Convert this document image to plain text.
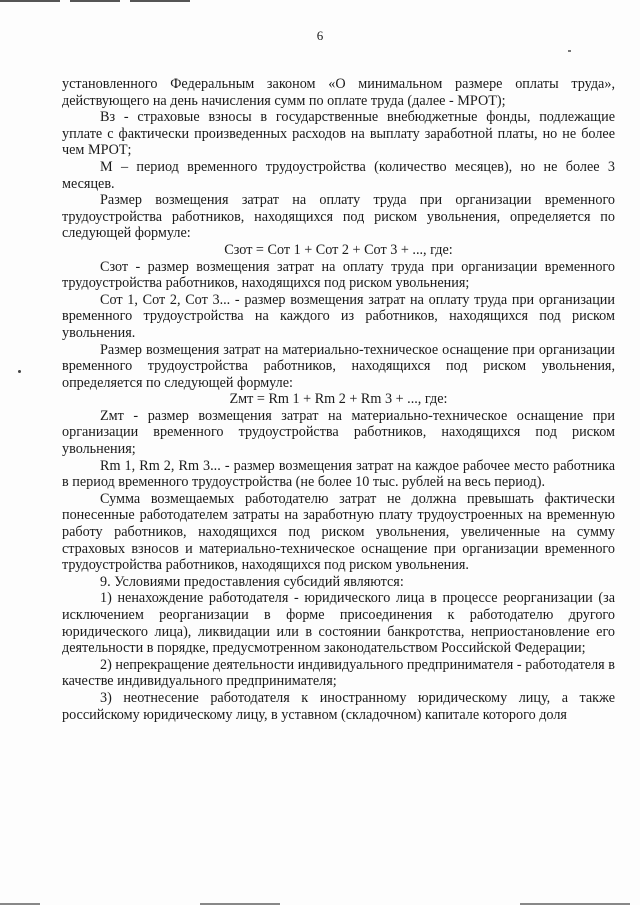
6

установленного Федеральным законом «О минимальном размере оплаты труда», действующего на день начисления сумм по оплате труда (далее - МРОТ);

Вз - страховые взносы в государственные внебюджетные фонды, подлежащие уплате с фактически произведенных расходов на выплату заработной платы, но не более чем МРОТ;

М – период временного трудоустройства (количество месяцев), но не более 3 месяцев.

Размер возмещения затрат на оплату труда при организации временного трудоустройства работников, находящихся под риском увольнения, определяется по следующей формуле:

Cзот = Cот 1 + Cот 2 + Cот 3 + ..., где:

Cзот - размер возмещения затрат на оплату труда при организации временного трудоустройства работников, находящихся под риском увольнения;

Cот 1, Cот 2, Cот 3... - размер возмещения затрат на оплату труда при организации временного трудоустройства на каждого из работников, находящихся под риском увольнения.

Размер возмещения затрат на материально-техническое оснащение при организации временного трудоустройства работников, находящихся под риском увольнения, определяется по следующей формуле:

Zмт = Rm 1 + Rm 2 + Rm 3 + ..., где:

Zмт - размер возмещения затрат на материально-техническое оснащение при организации временного трудоустройства работников, находящихся под риском увольнения;

Rm 1, Rm 2, Rm 3... - размер возмещения затрат на каждое рабочее место работника в период временного трудоустройства (не более 10 тыс. рублей на весь период).

Сумма возмещаемых работодателю затрат не должна превышать фактически понесенные работодателем затраты на заработную плату трудоустроенных на временную работу работников, находящихся под риском увольнения, увеличенные на сумму страховых взносов и материально-техническое оснащение при организации временного трудоустройства работников, находящихся под риском увольнения.

9. Условиями предоставления субсидий являются:

1) ненахождение работодателя - юридического лица в процессе реорганизации (за исключением реорганизации в форме присоединения к работодателю другого юридического лица), ликвидации или в состоянии банкротства, неприостановление его деятельности в порядке, предусмотренном законодательством Российской Федерации;

2) непрекращение деятельности индивидуального предпринимателя - работодателя в качестве индивидуального предпринимателя;

3) неотнесение работодателя к иностранному юридическому лицу, а также российскому юридическому лицу, в уставном (складочном) капитале которого доля
